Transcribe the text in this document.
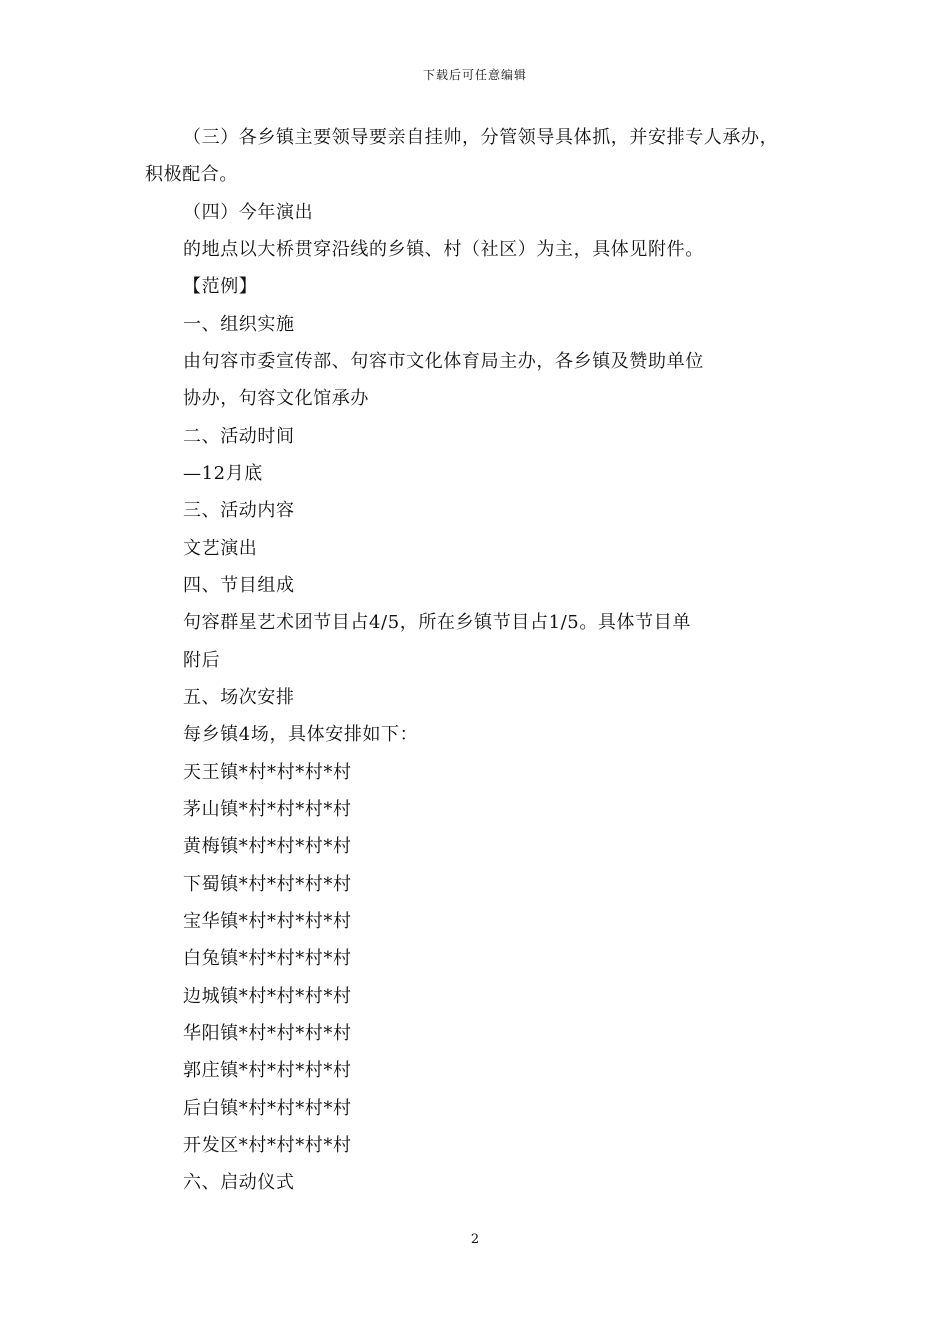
下载后可任意编辑
（三）各乡镇主要领导要亲自挂帅，分管领导具体抓，并安排专人承办，
积极配合。
（四）今年演出
的地点以大桥贯穿沿线的乡镇、村（社区）为主，具体见附件。
【范例】
一、组织实施
由句容市委宣传部、句容市文化体育局主办，各乡镇及赞助单位
协办，句容文化馆承办
二、活动时间
—12月底
三、活动内容
文艺演出
四、节目组成
句容群星艺术团节目占4/5，所在乡镇节目占1/5。具体节目单
附后
五、场次安排
每乡镇4场，具体安排如下：
天王镇*村*村*村*村
茅山镇*村*村*村*村
黄梅镇*村*村*村*村
下蜀镇*村*村*村*村
宝华镇*村*村*村*村
白兔镇*村*村*村*村
边城镇*村*村*村*村
华阳镇*村*村*村*村
郭庄镇*村*村*村*村
后白镇*村*村*村*村
开发区*村*村*村*村
六、启动仪式
2
